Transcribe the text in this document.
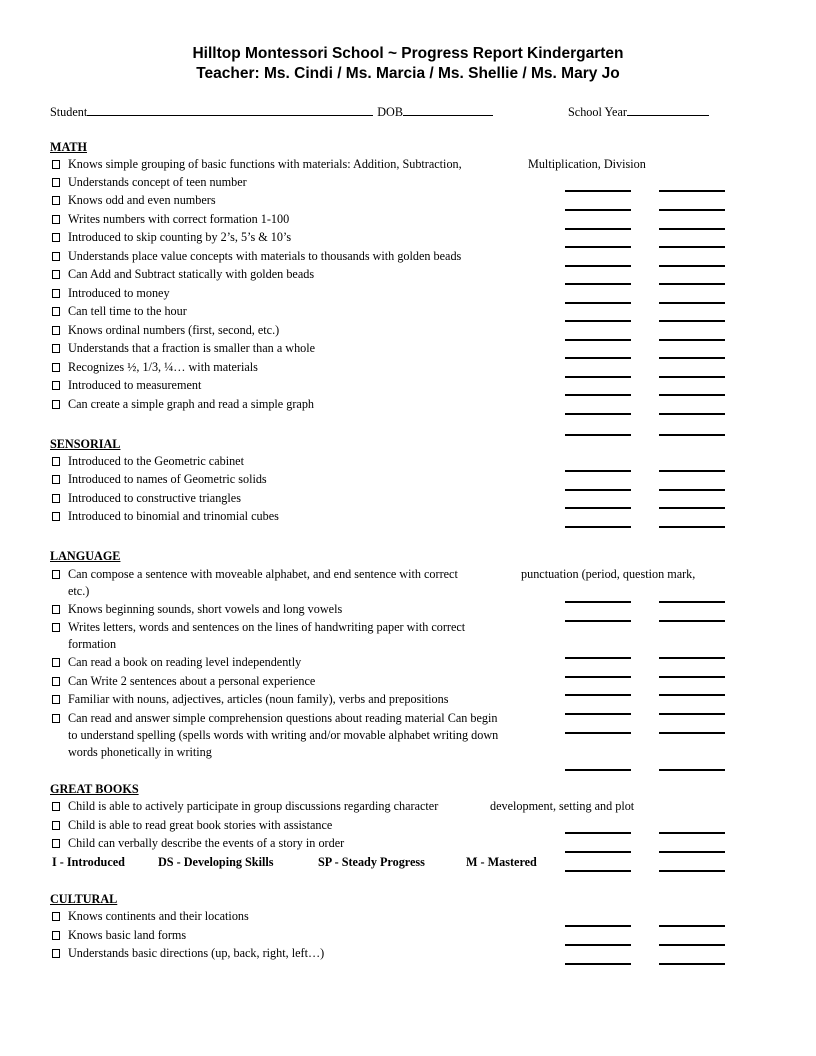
Hilltop Montessori School ~ Progress Report Kindergarten
Teacher: Ms. Cindi / Ms. Marcia / Ms. Shellie / Ms. Mary Jo
Student	DOB	School Year
MATH
Knows simple grouping of basic functions with materials: Addition, Subtraction,	Multiplication, Division
Understands concept of teen number
Knows odd and even numbers
Writes numbers with correct formation 1-100
Introduced to skip counting by 2’s, 5’s & 10’s
Understands place value concepts with materials to thousands with golden beads
Can Add and Subtract statically with golden beads
Introduced to money
Can tell time to the hour
Knows ordinal numbers (first, second, etc.)
Understands that a fraction is smaller than a whole
Recognizes ½, 1/3, ¼… with materials
Introduced to measurement
Can create a simple graph and read a simple graph
SENSORIAL
Introduced to the Geometric cabinet
Introduced to names of Geometric solids
Introduced to constructive triangles
Introduced to binomial and trinomial cubes
LANGUAGE
Can compose a sentence with moveable alphabet, and end sentence with correct	punctuation (period, question mark,
etc.)
Knows beginning sounds, short vowels and long vowels
Writes letters, words and sentences on the lines of handwriting paper with correct
formation
Can read a book on reading level independently
Can Write 2 sentences about a personal experience
Familiar with nouns, adjectives, articles (noun family), verbs and prepositions
Can read and answer simple comprehension questions about reading material Can begin
to understand spelling (spells words with writing and/or movable alphabet writing down
words phonetically in writing
GREAT BOOKS
Child is able to actively participate in group discussions regarding character	development, setting and plot
Child is able to read great book stories with assistance
Child can verbally describe the events of a story in order
I - Introduced	DS - Developing Skills	SP - Steady Progress	M - Mastered
CULTURAL
Knows continents and their locations
Knows basic land forms
Understands basic directions (up, back, right, left…)
